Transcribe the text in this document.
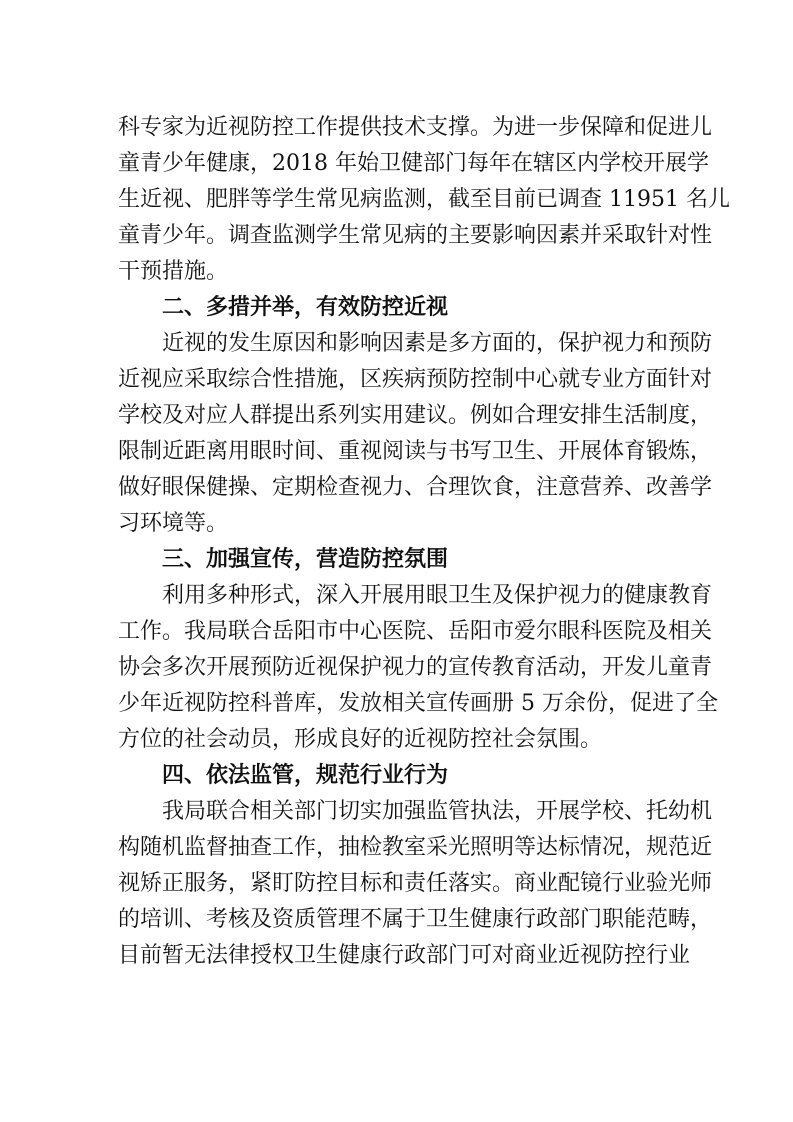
科专家为近视防控工作提供技术支撑。为进一步保障和促进儿
童青少年健康，2018 年始卫健部门每年在辖区内学校开展学
生近视、肥胖等学生常见病监测，截至目前已调查 11951 名儿
童青少年。调查监测学生常见病的主要影响因素并采取针对性
干预措施。
二、多措并举，有效防控近视
近视的发生原因和影响因素是多方面的，保护视力和预防
近视应采取综合性措施，区疾病预防控制中心就专业方面针对
学校及对应人群提出系列实用建议。例如合理安排生活制度，
限制近距离用眼时间、重视阅读与书写卫生、开展体育锻炼，
做好眼保健操、定期检查视力、合理饮食，注意营养、改善学
习环境等。
三、加强宣传，营造防控氛围
利用多种形式，深入开展用眼卫生及保护视力的健康教育
工作。我局联合岳阳市中心医院、岳阳市爱尔眼科医院及相关
协会多次开展预防近视保护视力的宣传教育活动，开发儿童青
少年近视防控科普库，发放相关宣传画册 5 万余份，促进了全
方位的社会动员，形成良好的近视防控社会氛围。
四、依法监管，规范行业行为
我局联合相关部门切实加强监管执法，开展学校、托幼机
构随机监督抽查工作，抽检教室采光照明等达标情况，规范近
视矫正服务，紧盯防控目标和责任落实。商业配镜行业验光师
的培训、考核及资质管理不属于卫生健康行政部门职能范畴，
目前暂无法律授权卫生健康行政部门可对商业近视防控行业
